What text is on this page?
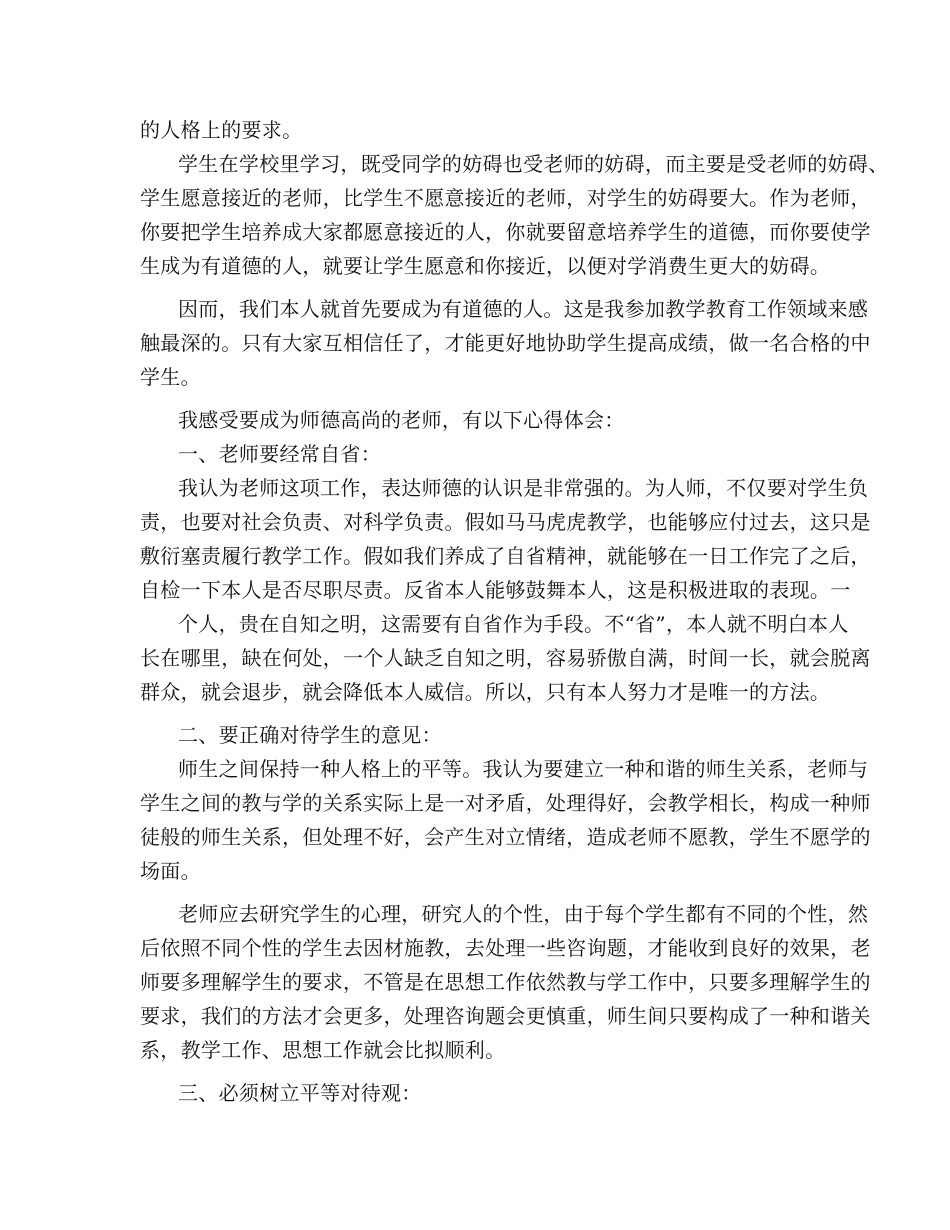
的人格上的要求。
学生在学校里学习，既受同学的妨碍也受老师的妨碍，而主要是受老师的妨碍、
学生愿意接近的老师，比学生不愿意接近的老师，对学生的妨碍要大。作为老师，
你要把学生培养成大家都愿意接近的人，你就要留意培养学生的道德，而你要使学
生成为有道德的人，就要让学生愿意和你接近，以便对学消费生更大的妨碍。
因而，我们本人就首先要成为有道德的人。这是我参加教学教育工作领域来感
触最深的。只有大家互相信任了，才能更好地协助学生提高成绩，做一名合格的中
学生。
我感受要成为师德高尚的老师，有以下心得体会：
一、老师要经常自省：
我认为老师这项工作，表达师德的认识是非常强的。为人师，不仅要对学生负
责，也要对社会负责、对科学负责。假如马马虎虎教学，也能够应付过去，这只是
敷衍塞责履行教学工作。假如我们养成了自省精神，就能够在一日工作完了之后，
自检一下本人是否尽职尽责。反省本人能够鼓舞本人，这是积极进取的表现。一
个人，贵在自知之明，这需要有自省作为手段。不“省”，本人就不明白本人
长在哪里，缺在何处，一个人缺乏自知之明，容易骄傲自满，时间一长，就会脱离
群众，就会退步，就会降低本人威信。所以，只有本人努力才是唯一的方法。
二、要正确对待学生的意见：
师生之间保持一种人格上的平等。我认为要建立一种和谐的师生关系，老师与
学生之间的教与学的关系实际上是一对矛盾，处理得好，会教学相长，构成一种师
徒般的师生关系，但处理不好，会产生对立情绪，造成老师不愿教，学生不愿学的
场面。
老师应去研究学生的心理，研究人的个性，由于每个学生都有不同的个性，然
后依照不同个性的学生去因材施教，去处理一些咨询题，才能收到良好的效果，老
师要多理解学生的要求，不管是在思想工作依然教与学工作中，只要多理解学生的
要求，我们的方法才会更多，处理咨询题会更慎重，师生间只要构成了一种和谐关
系，教学工作、思想工作就会比拟顺利。
三、必须树立平等对待观：
